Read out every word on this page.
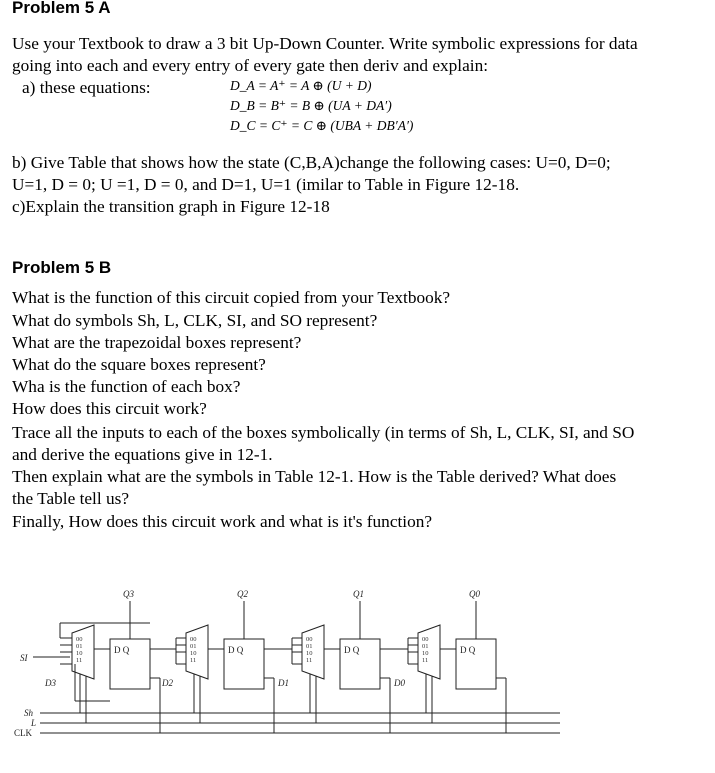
Problem 5 A
Use your Textbook to draw a 3 bit Up-Down Counter. Write symbolic expressions for data
going into each and every entry of every gate then deriv and explain:
a) these equations:	D_A = A⁺ = A ⊕ (U + D)
D_B = B⁺ = B ⊕ (UA + DA′)
D_C = C⁺ = C ⊕ (UBA + DB′A′)
b) Give Table that shows how the state (C,B,A)change the following cases: U=0, D=0;
U=1, D = 0; U =1, D = 0, and D=1, U=1 (imilar to Table in Figure 12-18.
c)Explain the transition graph in Figure 12-18
Problem 5 B
What is the function of this circuit copied from your Textbook?
What do symbols Sh, L, CLK, SI, and SO represent?
What are the trapezoidal boxes represent?
What do the square boxes represent?
Wha is the function of each box?
How does this circuit work?
Trace all the inputs to each of the boxes symbolically (in terms of Sh, L, CLK, SI, and SO
and derive the equations give in 12-1.
Then explain what are the symbols in Table 12-1. How is the Table derived? What does
the Table tell us?
Finally, How does this circuit work and what is it's function?
00
01
10
11
00
01
10
11
00
01
10
11
00
01
10
11
D Q	D Q	D Q	D Q
Q3	Q2	Q1	Q0
D3	D2	D1	D0
SI
Sh
L
CLK
